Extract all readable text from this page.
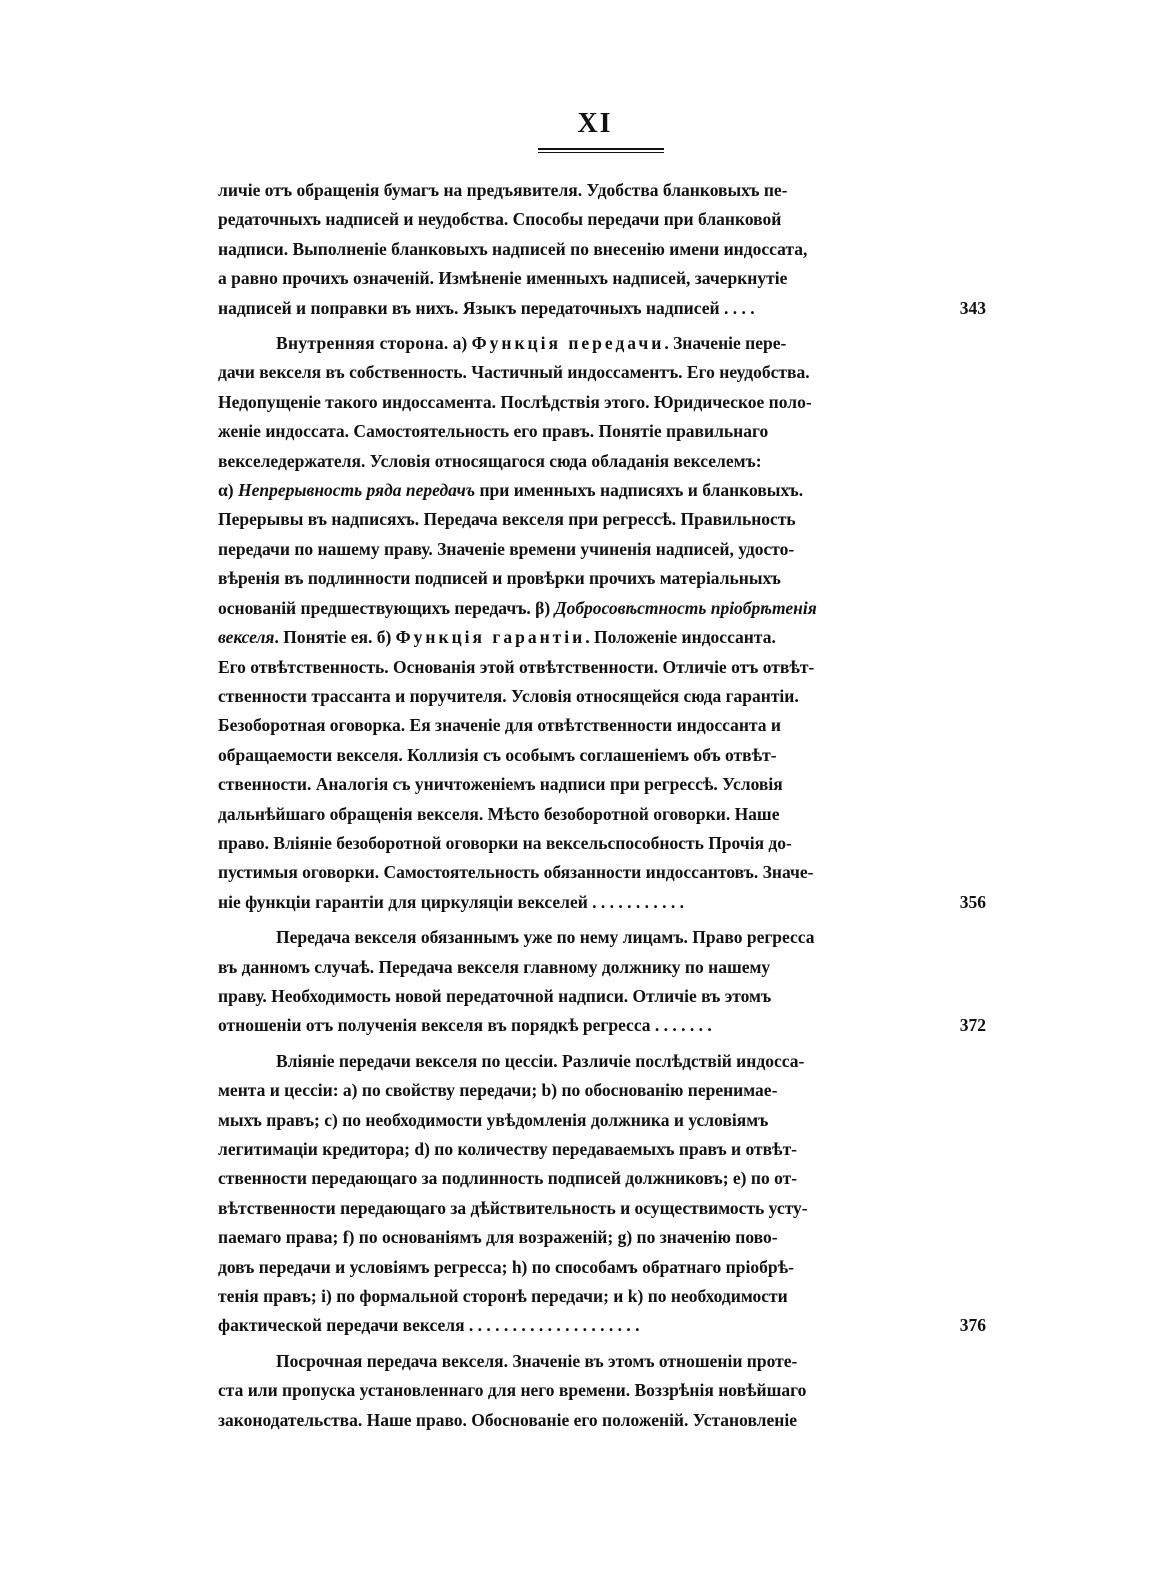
XI
личіе отъ обращенія бумагъ на предъявителя. Удобства бланковыхъ пе-
редаточныхъ надписей и неудобства. Способы передачи при бланковой
надписи. Выполненіе бланковыхъ надписей по внесенію имени индоссата,
а равно прочихъ означеній. Измѣненіе именныхъ надписей, зачеркнутіе
надписей и поправки въ нихъ. Языкъ передаточныхъ надписей . . . .	343
Внутренняя сторона. а) Функція передачи. Значеніе пере-
дачи векселя въ собственность. Частичный индоссаментъ. Его неудобства.
Недопущеніе такого индоссамента. Послѣдствія этого. Юридическое поло-
женіе индоссата. Самостоятельность его правъ. Понятіе правильнаго
векселедержателя. Условія относящагося сюда обладанія векселемъ:
α) Непрерывность ряда передачъ при именныхъ надписяхъ и бланковыхъ.
Перерывы въ надписяхъ. Передача векселя при регрессѣ. Правильность
передачи по нашему праву. Значеніе времени учиненія надписей, удосто-
вѣренія въ подлинности подписей и провѣрки прочихъ матеріальныхъ
основаній предшествующихъ передачъ. β) Добросовѣстность пріобрѣтенія
векселя. Понятіе ея. б) Функція гарантіи. Положеніе индоссанта.
Его отвѣтственность. Основанія этой отвѣтственности. Отличіе отъ отвѣт-
ственности трассанта и поручителя. Условія относящейся сюда гарантіи.
Безоборотная оговорка. Ея значеніе для отвѣтственности индоссанта и
обращаемости векселя. Коллизія съ особымъ соглашеніемъ объ отвѣт-
ственности. Аналогія съ уничтоженіемъ надписи при регрессѣ. Условія
дальнѣйшаго обращенія векселя. Мѣсто безоборотной оговорки. Наше
право. Вліяніе безоборотной оговорки на вексельспособность Прочія до-
пустимыя оговорки. Самостоятельность обязанности индоссантовъ. Значе-
ніе функціи гарантіи для циркуляціи векселей . . . . . . . . . . .	356
Передача векселя обязаннымъ уже по нему лицамъ. Право регресса
въ данномъ случаѣ. Передача векселя главному должнику по нашему
праву. Необходимость новой передаточной надписи. Отличіе въ этомъ
отношеніи отъ полученія векселя въ порядкѣ регресса . . . . . . .	372
Вліяніе передачи векселя по цессіи. Различіе послѣдствій индосса-
мента и цессіи: а) по свойству передачи; b) по обоснованію перенимае-
мыхъ правъ; c) по необходимости увѣдомленія должника и условіямъ
легитимаціи кредитора; d) по количеству передаваемыхъ правъ и отвѣт-
ственности передающаго за подлинность подписей должниковъ; e) по от-
вѣтственности передающаго за дѣйствительность и осуществимость усту-
паемаго права; f) по основаніямъ для возраженій; g) по значенію пово-
довъ передачи и условіямъ регресса; h) по способамъ обратнаго пріобрѣ-
тенія правъ; i) по формальной сторонѣ передачи; и k) по необходимости
фактической передачи векселя . . . . . . . . . . . . . . . . . . . .	376
Посрочная передача векселя. Значеніе въ этомъ отношеніи проте-
ста или пропуска установленнаго для него времени. Воззрѣнія новѣйшаго
законодательства. Наше право. Обоснованіе его положеній. Установленіе
